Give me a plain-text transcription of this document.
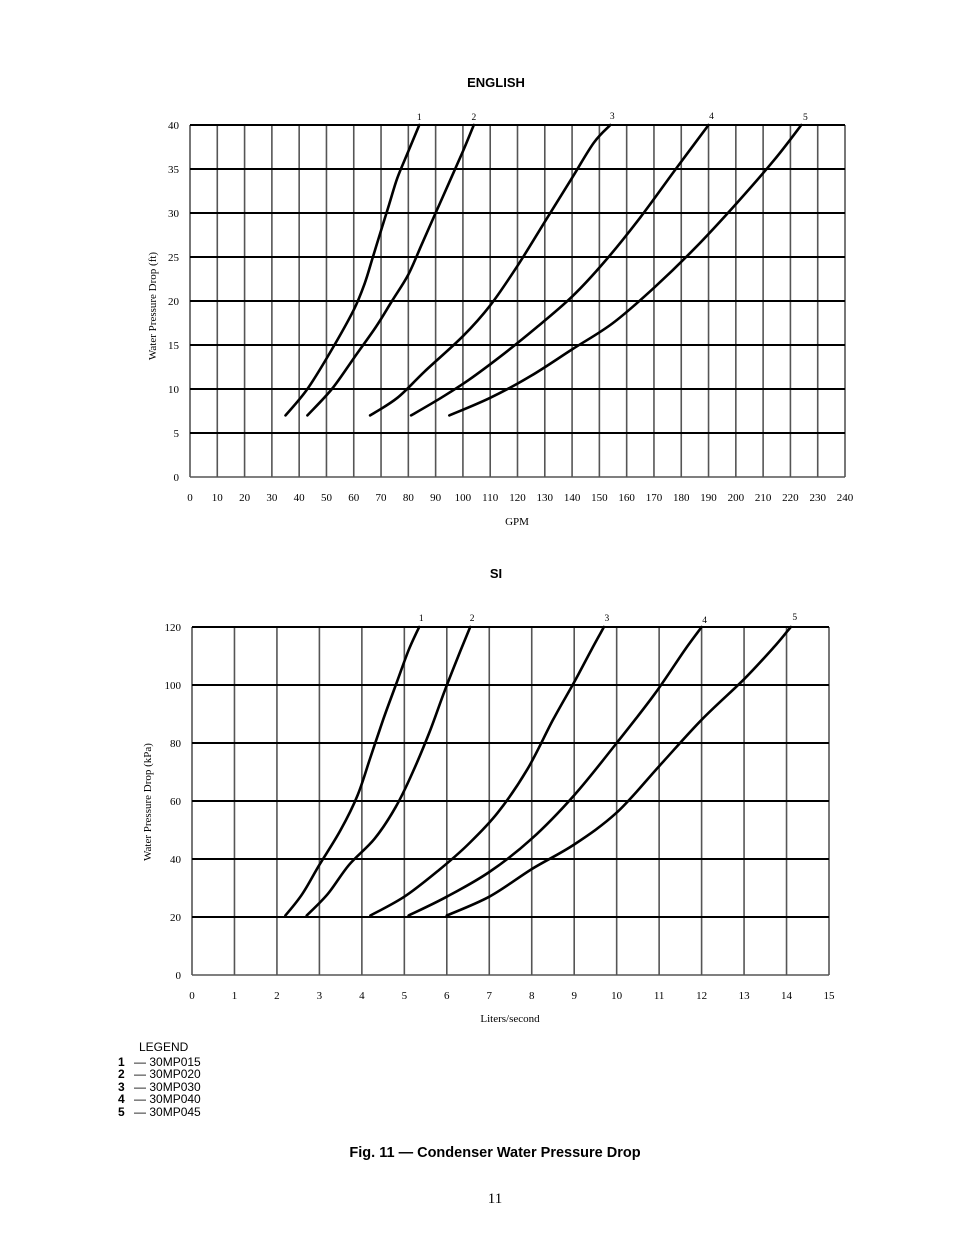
ENGLISH
0 10 20 30 40 50 60 70 80 90 100 110 120 130 140 150 160 170 180 190 200 210 220 230 240
0
5
10
15
20
25
30
35
40
1	2	3	4	5
GPM
Water Pressure Drop (ft)
SI
0	1	2	3	4	5	6	7	8	9	10	11	12	13	14	15
0
20
40
60
80
100
120
1	2	3	4	5
Liters/second
Water Pressure Drop (kPa)
LEGEND
1 — 30MP015
2 — 30MP020
3 — 30MP030
4 — 30MP040
5 — 30MP045
Fig. 11 — Condenser Water Pressure Drop
11
